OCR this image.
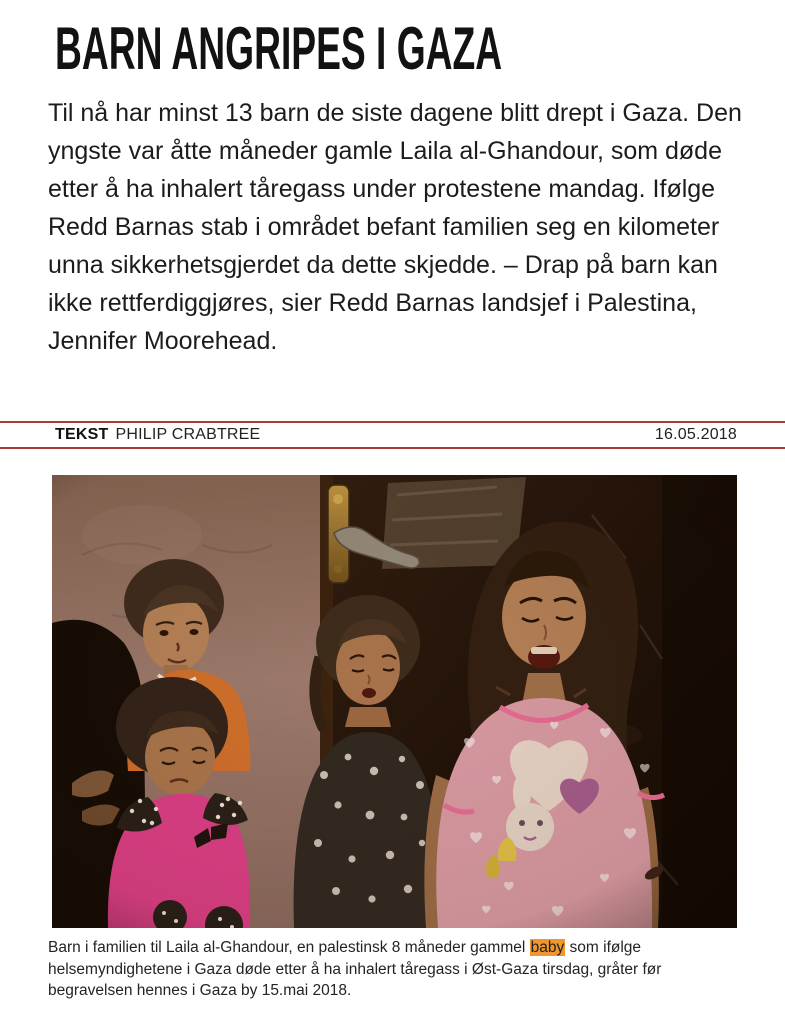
BARN ANGRIPES I GAZA

Til nå har minst 13 barn de siste dagene blitt drept i Gaza. Den yngste var åtte måneder gamle Laila al-Ghandour, som døde etter å ha inhalert tåregass under protestene mandag. Ifølge Redd Barnas stab i området befant familien seg en kilometer unna sikkerhetsgjerdet da dette skjedde. – Drap på barn kan ikke rettferdiggjøres, sier Redd Barnas landsjef i Palestina, Jennifer Moorehead.

TEKST PHILIP CRABTREE	16.05.2018
Barn i familien til Laila al-Ghandour, en palestinsk 8 måneder gammel baby som ifølge helsemyndighetene i Gaza døde etter å ha inhalert tåregass i Øst-Gaza tirsdag, gråter før begravelsen hennes i Gaza by 15.mai 2018.
